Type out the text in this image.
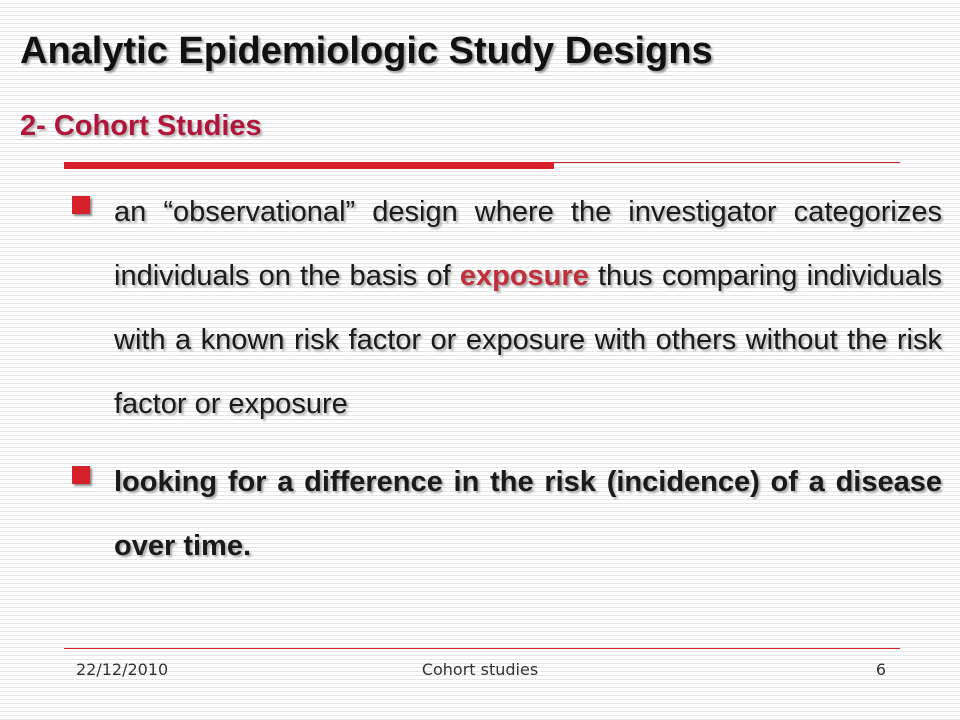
Analytic Epidemiologic Study Designs
2- Cohort Studies
an “observational” design where the investigator categorizes individuals on the basis of exposure thus comparing individuals with a known risk factor or exposure with others without the risk factor or exposure
looking for a difference in the risk (incidence) of a disease over time.
22/12/2010	Cohort studies	6
